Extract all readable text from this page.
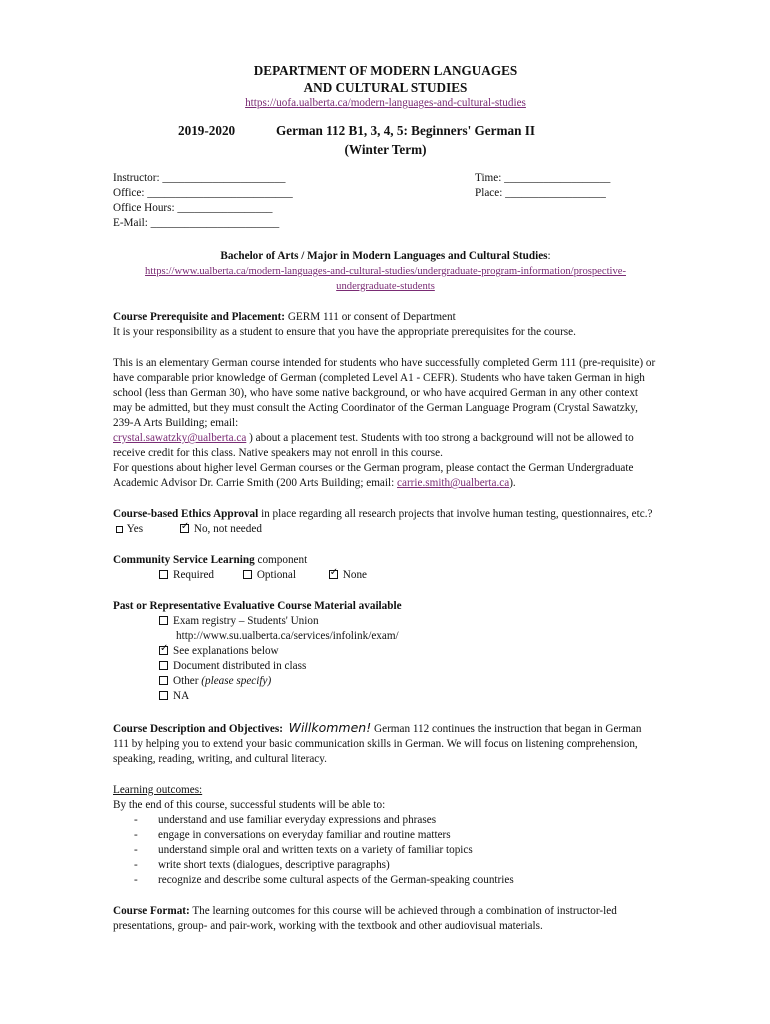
DEPARTMENT OF MODERN LANGUAGES
AND CULTURAL STUDIES
https://uofa.ualberta.ca/modern-languages-and-cultural-studies
2019-2020	German 112 B1, 3, 4, 5: Beginners' German II
(Winter Term)
Instructor: ______________________
Office: __________________________
Office Hours: _________________
E-Mail: _______________________
Time: ___________________
Place: __________________
Bachelor of Arts / Major in Modern Languages and Cultural Studies:
https://www.ualberta.ca/modern-languages-and-cultural-studies/undergraduate-program-information/prospective-
undergraduate-students

Course Prerequisite and Placement: GERM 111 or consent of Department

It is your responsibility as a student to ensure that you have the appropriate prerequisites for the course.

This is an elementary German course intended for students who have successfully completed Germ 111 (pre-requisite) or have comparable prior knowledge of German (completed Level A1 - CEFR). Students who have taken German in high school (less than German 30), who have some native background, or who have acquired German in any other context may be admitted, but they must consult the Acting Coordinator of the German Language Program (Crystal Sawatzky, 239-A Arts Building; email:
crystal.sawatzky@ualberta.ca ) about a placement test. Students with too strong a background will not be allowed to receive credit for this class. Native speakers may not enroll in this course.

For questions about higher level German courses or the German program, please contact the German Undergraduate Academic Advisor Dr. Carrie Smith (200 Arts Building; email: carrie.smith@ualberta.ca).

Course-based Ethics Approval in place regarding all research projects that involve human testing, questionnaires, etc.?  Yes ✓	No, not needed

Community Service Learning component

Required	Optional ✓	None

Past or Representative Evaluative Course Material available

Exam registry – Students' Union
http://www.su.ualberta.ca/services/infolink/exam/
✓See explanations below
Document distributed in class
Other (please specify)
NA

Course Description and Objectives: Willkommen! German 112 continues the instruction that began in German 111 by helping you to extend your basic communication skills in German. We will focus on listening comprehension, speaking, reading, writing, and cultural literacy.

Learning outcomes:

By the end of this course, successful students will be able to:

- understand and use familiar everyday expressions and phrases
- engage in conversations on everyday familiar and routine matters
- understand simple oral and written texts on a variety of familiar topics
- write short texts (dialogues, descriptive paragraphs)
- recognize and describe some cultural aspects of the German-speaking countries

Course Format: The learning outcomes for this course will be achieved through a combination of instructor-led presentations, group- and pair-work, working with the textbook and other audiovisual materials.
